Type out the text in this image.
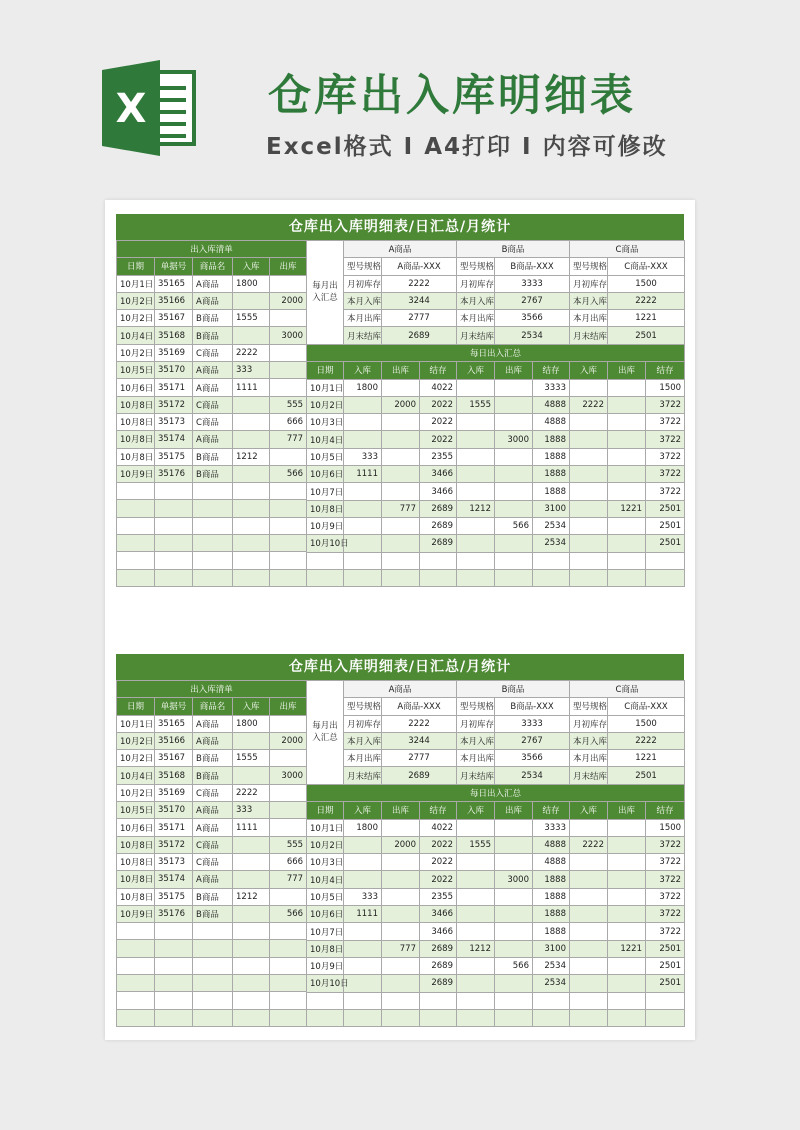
X	仓库出入库明细表
Excel格式 I A4打印 I 内容可修改
仓库出入库明细表/日汇总/月统计
出入库清单				
日期	单据号	商品名	入库	出库
10月1日	35165	A商品	1800	
10月2日	35166	A商品		2000
10月2日	35167	B商品	1555	
10月4日	35168	B商品		3000
10月2日	35169	C商品	2222	
10月5日	35170	A商品	333	
10月6日	35171	A商品	1111	
10月8日	35172	C商品		555
10月8日	35173	C商品		666
10月8日	35174	A商品		777
10月8日	35175	B商品	1212	
10月9日	35176	B商品		566

每月出入汇总	A商品		B商品		C商品	
	型号规格	A商品-XXX	型号规格	B商品-XXX	型号规格	C商品-XXX
	月初库存	2222	月初库存	3333	月初库存	1500
	本月入库	3244	本月入库	2767	本月入库	2222
	本月出库	2777	本月出库	3566	本月出库	1221
	月末结库	2689	月末结库	2534	月末结库	2501
每日出入汇总									
日期	入库	出库	结存	入库	出库	结存	入库	出库	结存
10月1日	1800		4022			3333			1500
10月2日		2000	2022	1555		4888	2222		3722
10月3日			2022			4888			3722
10月4日			2022		3000	1888			3722
10月5日	333		2355			1888			3722
10月6日	1111		3466			1888			3722
10月7日			3466			1888			3722
10月8日		777	2689	1212		3100		1221	2501
10月9日			2689		566	2534			2501
10月10日			2689			2534			2501

仓库出入库明细表/日汇总/月统计
出入库清单				
日期	单据号	商品名	入库	出库
10月1日	35165	A商品	1800	
10月2日	35166	A商品		2000
10月2日	35167	B商品	1555	
10月4日	35168	B商品		3000
10月2日	35169	C商品	2222	
10月5日	35170	A商品	333	
10月6日	35171	A商品	1111	
10月8日	35172	C商品		555
10月8日	35173	C商品		666
10月8日	35174	A商品		777
10月8日	35175	B商品	1212	
10月9日	35176	B商品		566

每月出入汇总	A商品		B商品		C商品	
	型号规格	A商品-XXX	型号规格	B商品-XXX	型号规格	C商品-XXX
	月初库存	2222	月初库存	3333	月初库存	1500
	本月入库	3244	本月入库	2767	本月入库	2222
	本月出库	2777	本月出库	3566	本月出库	1221
	月末结库	2689	月末结库	2534	月末结库	2501
每日出入汇总									
日期	入库	出库	结存	入库	出库	结存	入库	出库	结存
10月1日	1800		4022			3333			1500
10月2日		2000	2022	1555		4888	2222		3722
10月3日			2022			4888			3722
10月4日			2022		3000	1888			3722
10月5日	333		2355			1888			3722
10月6日	1111		3466			1888			3722
10月7日			3466			1888			3722
10月8日		777	2689	1212		3100		1221	2501
10月9日			2689		566	2534			2501
10月10日			2689			2534			2501
